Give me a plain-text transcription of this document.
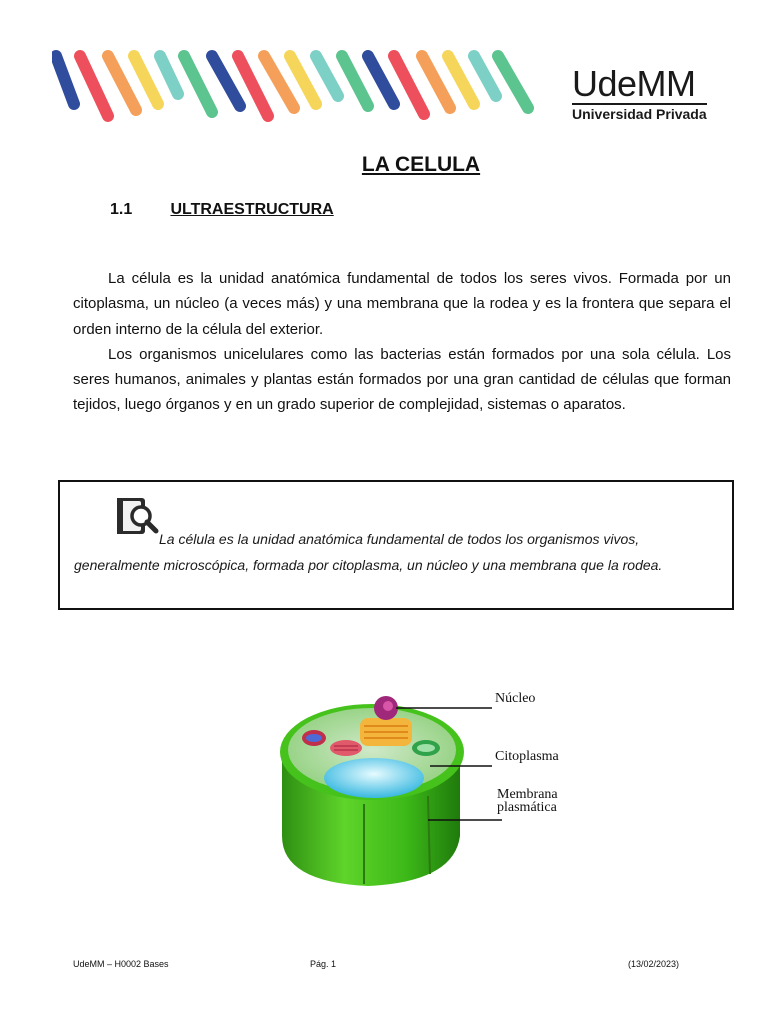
UdeMM
Universidad Privada
LA CELULA
1.1 ULTRAESTRUCTURA

La célula es la unidad anatómica fundamental de todos los seres vivos. Formada por un citoplasma, un núcleo (a veces más) y una membrana que la rodea y es la frontera que separa el orden interno de la célula del exterior.

Los organismos unicelulares como las bacterias están formados por una sola célula. Los seres humanos, animales y plantas están formados por una gran cantidad de células que forman tejidos, luego órganos y en un grado superior de complejidad, sistemas o aparatos.

La célula es la unidad anatómica fundamental de todos los organismos vivos,
generalmente microscópica, formada por citoplasma, un núcleo y una membrana que la rodea.
Núcleo
Citoplasma
Membrana
plasmática
UdeMM – H0002 Bases	Pág. 1	(13/02/2023)
